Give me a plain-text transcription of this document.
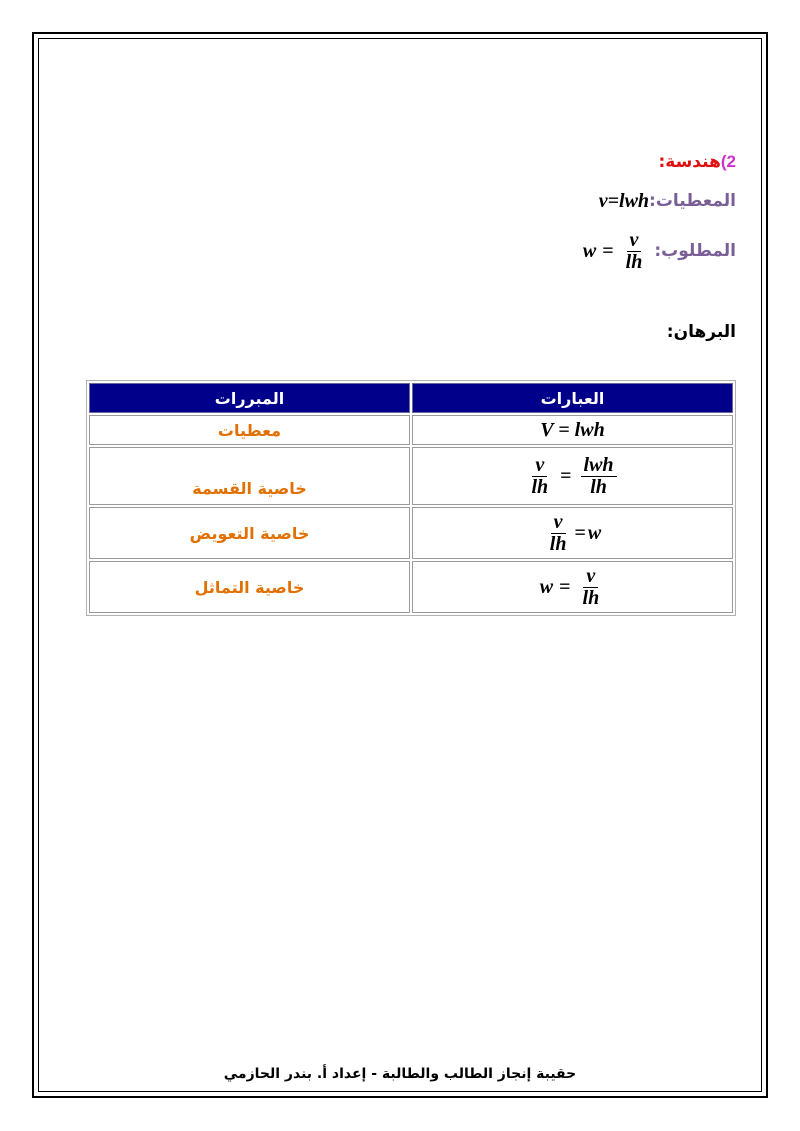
2)
هندسة:
المعطيات:
v=lwh
المطلوب:
$w = \frac{v}{lh}$
البرهان:
العبارات	المبررات
V = lwh	معطيات

$\frac{v}{lh} = \frac{\text{lwh}}{lh}$	خاصية القسمة

$\frac{v}{lh} = w$	خاصية التعويض

$w = \frac{v}{lh}$	خاصية التماثل
حقيبة إنجاز الطالب والطالبة - إعداد أ. بندر الحازمي
